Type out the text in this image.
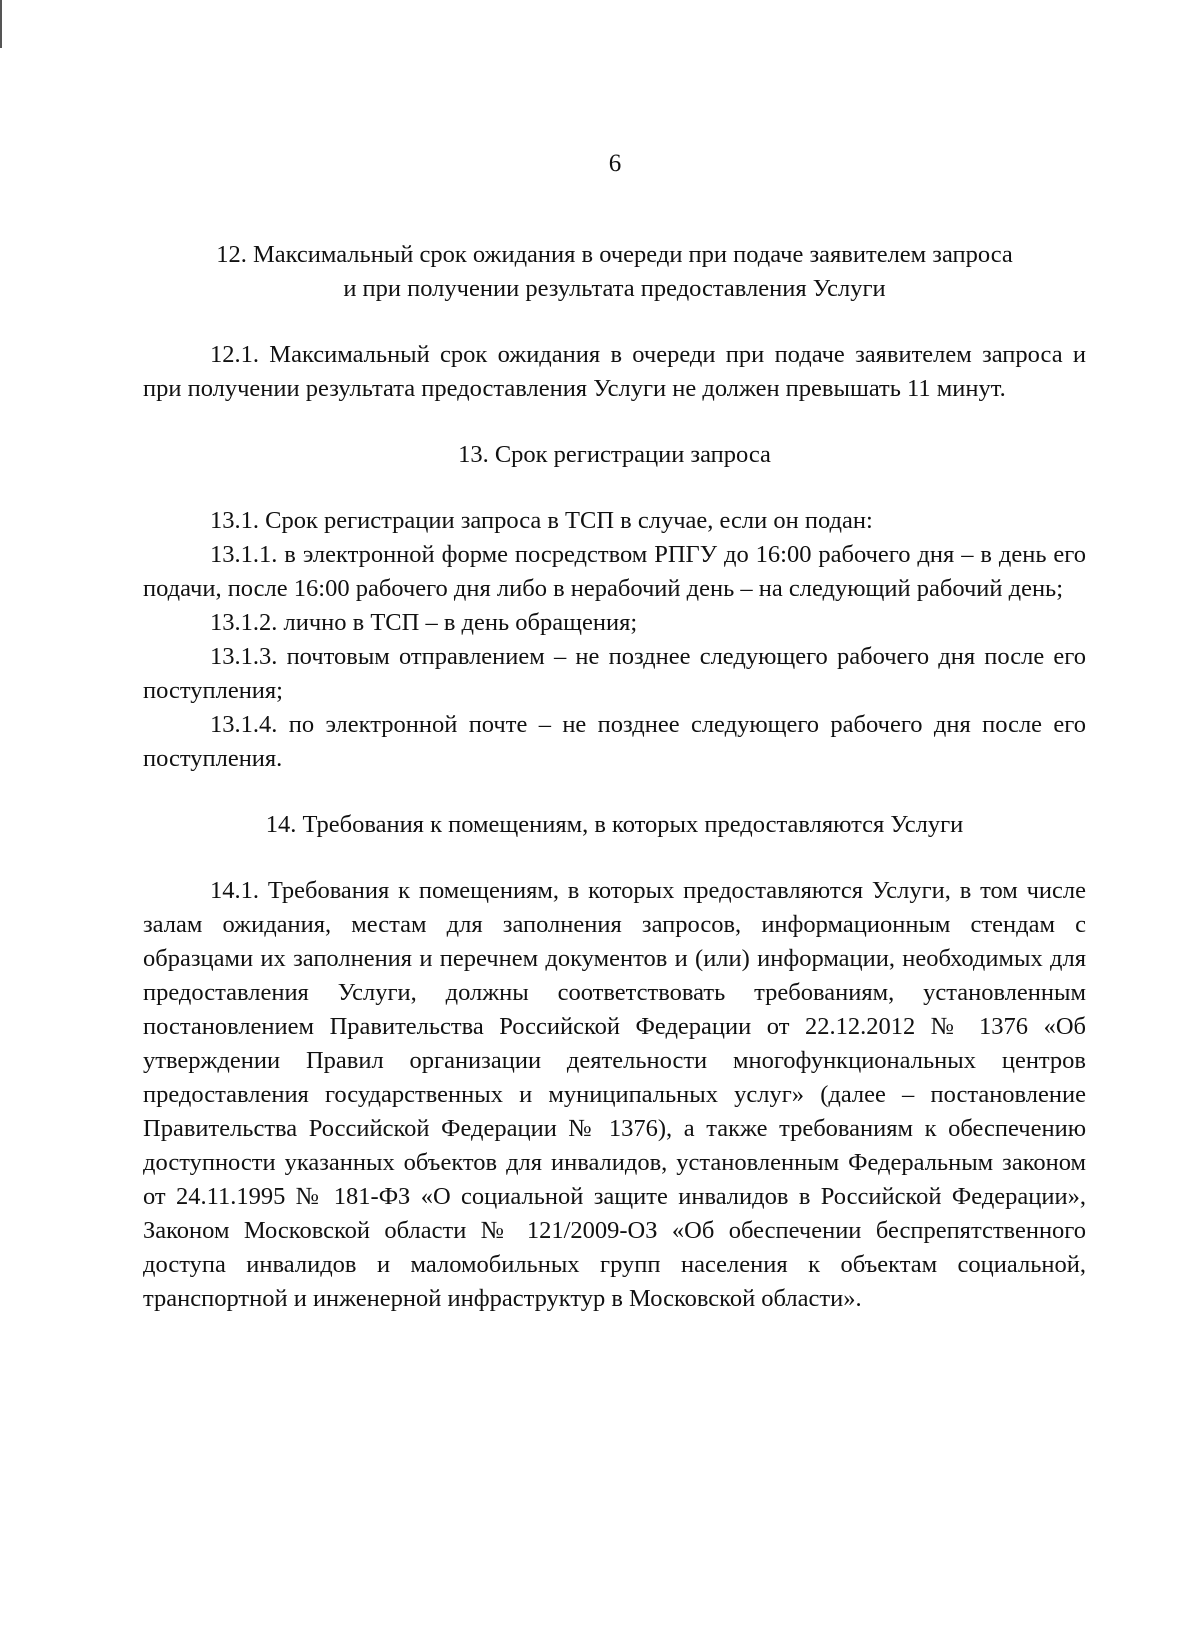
6
12. Максимальный срок ожидания в очереди при подаче заявителем запроса
и при получении результата предоставления Услуги

12.1. Максимальный срок ожидания в очереди при подаче заявителем запроса и при получении результата предоставления Услуги не должен превышать 11 минут.

13. Срок регистрации запроса

13.1. Срок регистрации запроса в ТСП в случае, если он подан:

13.1.1. в электронной форме посредством РПГУ до 16:00 рабочего дня – в день его подачи, после 16:00 рабочего дня либо в нерабочий день – на следующий рабочий день;

13.1.2. лично в ТСП – в день обращения;

13.1.3. почтовым отправлением – не позднее следующего рабочего дня после его поступления;

13.1.4. по электронной почте – не позднее следующего рабочего дня после его поступления.

14. Требования к помещениям, в которых предоставляются Услуги

14.1. Требования к помещениям, в которых предоставляются Услуги, в том числе залам ожидания, местам для заполнения запросов, информационным стендам с образцами их заполнения и перечнем документов и (или) информации, необходимых для предоставления Услуги, должны соответствовать требованиям, установленным постановлением Правительства Российской Федерации от 22.12.2012 № 1376 «Об утверждении Правил организации деятельности многофункциональных центров предоставления государственных и муниципальных услуг» (далее – постановление Правительства Российской Федерации № 1376), а также требованиям к обеспечению доступности указанных объектов для инвалидов, установленным Федеральным законом от 24.11.1995 № 181-ФЗ «О социальной защите инвалидов в Российской Федерации», Законом Московской области № 121/2009-ОЗ «Об обеспечении беспрепятственного доступа инвалидов и маломобильных групп населения к объектам социальной, транспортной и инженерной инфраструктур в Московской области».
